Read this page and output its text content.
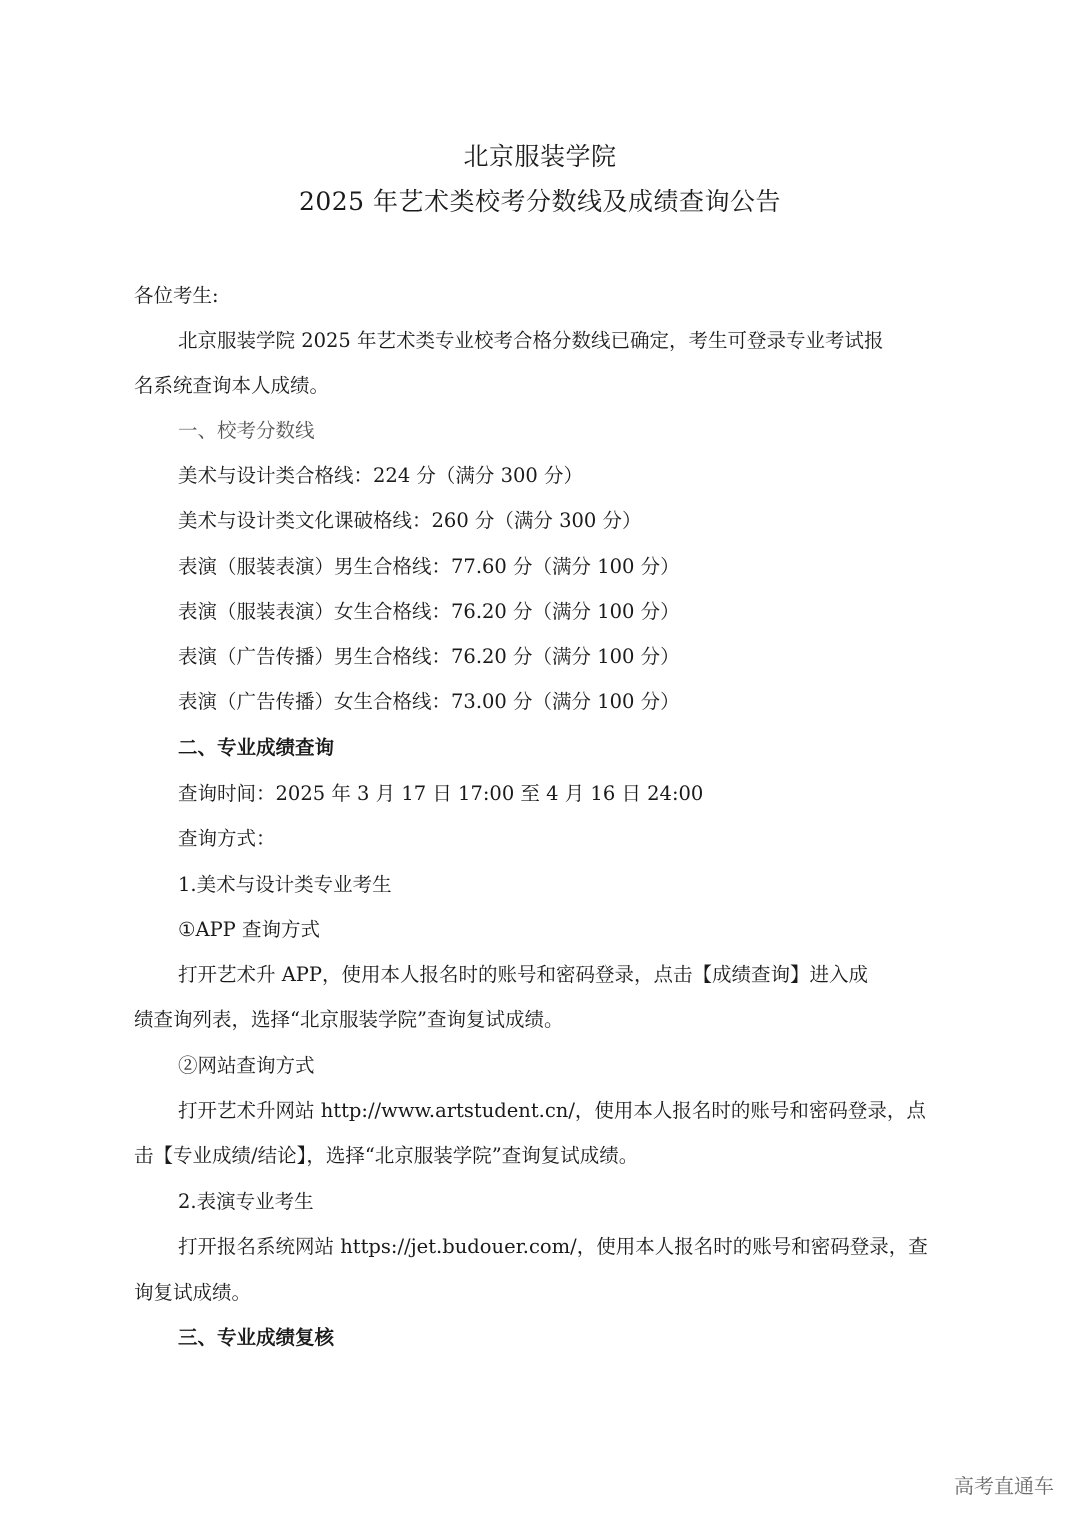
北京服装学院
2025 年艺术类校考分数线及成绩查询公告
各位考生:
北京服装学院 2025 年艺术类专业校考合格分数线已确定，考生可登录专业考试报
名系统查询本人成绩。
一、校考分数线
美术与设计类合格线：224 分（满分 300 分）
美术与设计类文化课破格线：260 分（满分 300 分）
表演（服装表演）男生合格线：77.60 分（满分 100 分）
表演（服装表演）女生合格线：76.20 分（满分 100 分）
表演（广告传播）男生合格线：76.20 分（满分 100 分）
表演（广告传播）女生合格线：73.00 分（满分 100 分）
二、专业成绩查询
查询时间：2025 年 3 月 17 日 17:00 至 4 月 16 日 24:00
查询方式：
1.美术与设计类专业考生
①APP 查询方式
打开艺术升 APP，使用本人报名时的账号和密码登录，点击【成绩查询】进入成
绩查询列表，选择“北京服装学院”查询复试成绩。
②网站查询方式
打开艺术升网站 http://www.artstudent.cn/，使用本人报名时的账号和密码登录，点
击【专业成绩/结论】，选择“北京服装学院”查询复试成绩。
2.表演专业考生
打开报名系统网站 https://jet.budouer.com/，使用本人报名时的账号和密码登录，查
询复试成绩。
三、专业成绩复核
高考直通车
